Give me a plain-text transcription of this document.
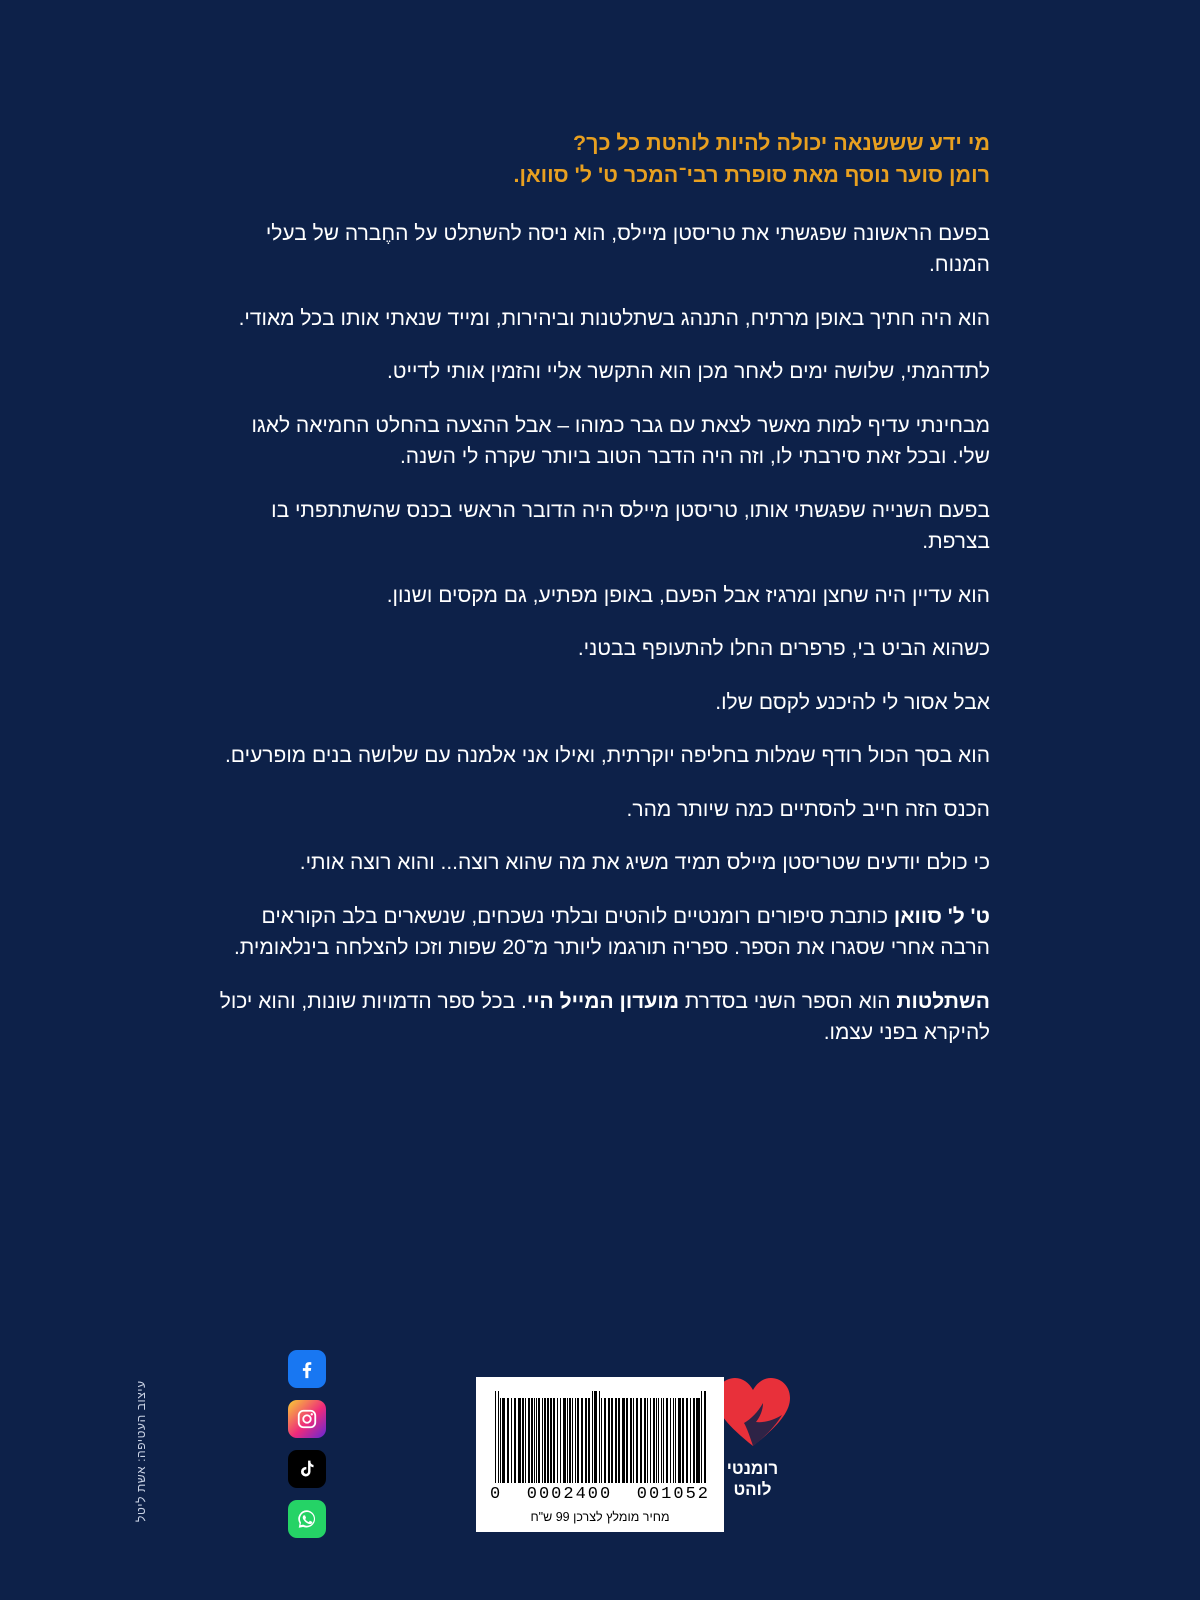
מי ידע שששנאה יכולה להיות לוהטת כל כך?
רומן סוער נוסף מאת סופרת רבי־המכר ט' ל' סוואן.

בפעם הראשונה שפגשתי את טריסטן מיילס, הוא ניסה להשתלט על החֶברה של בעלי המנוח.

הוא היה חתיך באופן מרתיח, התנהג בשתלטנות וביהירות, ומייד שנאתי אותו בכל מאודי.

לתדהמתי, שלושה ימים לאחר מכן הוא התקשר אליי והזמין אותי לדייט.

מבחינתי עדיף למות מאשר לצאת עם גבר כמוהו – אבל ההצעה בהחלט החמיאה לאגו שלי. ובכל זאת סירבתי לו, וזה היה הדבר הטוב ביותר שקרה לי השנה.

בפעם השנייה שפגשתי אותו, טריסטן מיילס היה הדובר הראשי בכנס שהשתתפתי בו בצרפת.

הוא עדיין היה שחצן ומרגיז אבל הפעם, באופן מפתיע, גם מקסים ושנון.

כשהוא הביט בי, פרפרים החלו להתעופף בבטני.

אבל אסור לי להיכנע לקסם שלו.

הוא בסך הכול רודף שמלות בחליפה יוקרתית, ואילו אני אלמנה עם שלושה בנים מופרעים.

הכנס הזה חייב להסתיים כמה שיותר מהר.

כי כולם יודעים שטריסטן מיילס תמיד משיג את מה שהוא רוצה... והוא רוצה אותי.

ט' ל' סוואן כותבת סיפורים רומנטיים לוהטים ובלתי נשכחים, שנשארים בלב הקוראים הרבה אחרי שסגרו את הספר. ספריה תורגמו ליותר מ־20 שפות וזכו להצלחה בינלאומית.

השתלטות הוא הספר השני בסדרת מועדון המייל היי. בכל ספר הדמויות שונות, והוא יכול להיקרא בפני עצמו.

עיצוב העטיפה: אשת ליטל	רומנטי
לוהט
0 0002400 001052
מחיר מומלץ לצרכן 99 ש"ח
